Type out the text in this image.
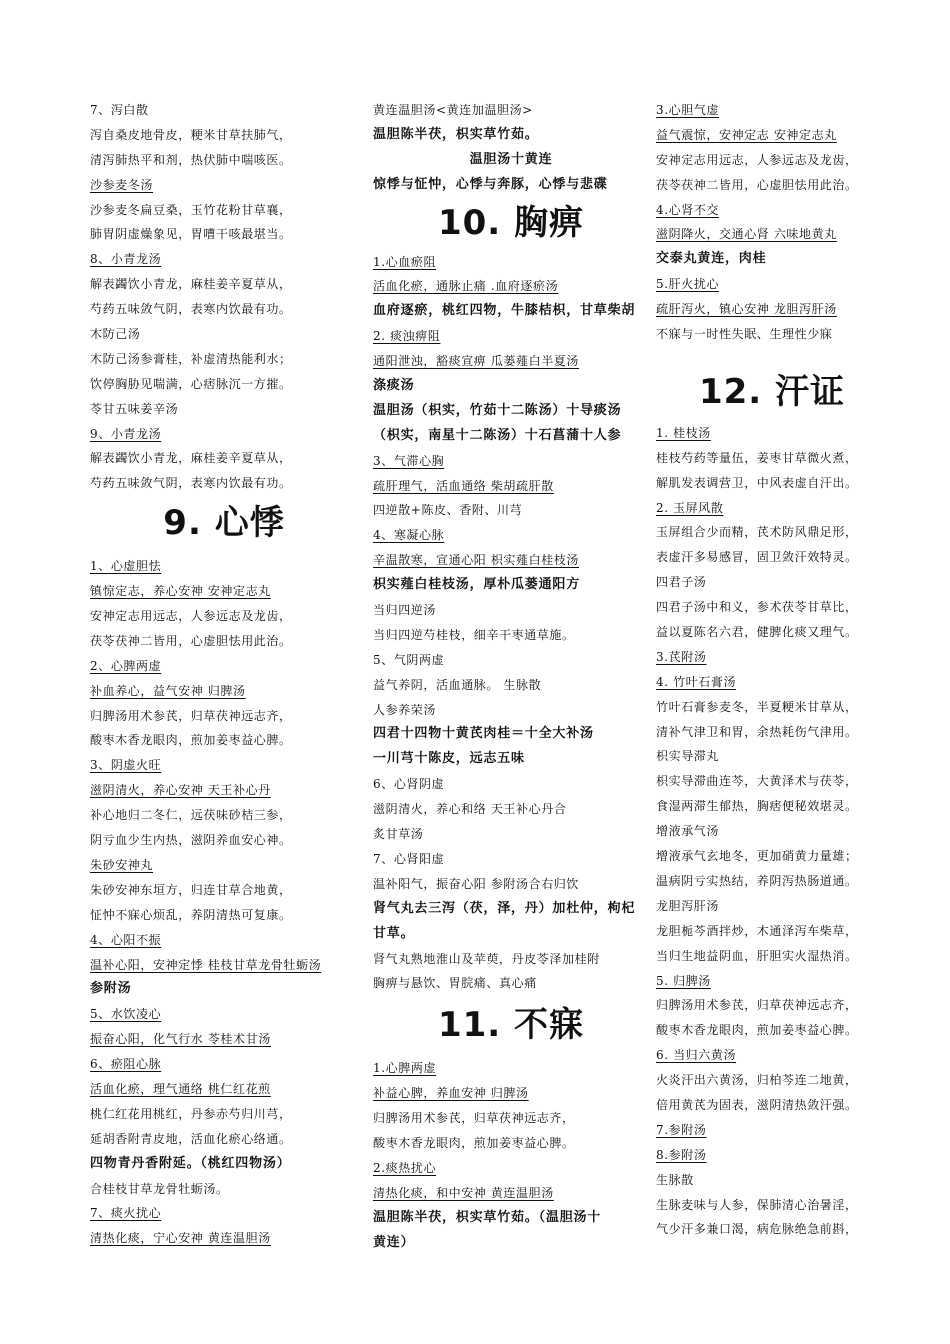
7、泻白散
泻自桑皮地骨皮，粳米甘草扶肺气，
清泻肺热平和剂，热伏肺中喘咳医。
沙参麦冬汤
沙参麦冬扁豆桑，玉竹花粉甘草襄，
肺胃阴虚燥象见，胃嘈干咳最堪当。
8、小青龙汤
解表蠲饮小青龙，麻桂姜辛夏草从，
芍药五味敛气阴，表寒内饮最有功。
木防己汤
木防己汤参膏桂，补虚清热能利水；
饮停胸胁见喘满，心痞脉沉一方摧。
苓甘五味姜辛汤
9、小青龙汤
解表蠲饮小青龙，麻桂姜辛夏草从，
芍药五味敛气阴，表寒内饮最有功。
9. 心悸
1、心虚胆怯
镇惊定志，养心安神 安神定志丸
安神定志用远志，人参远志及龙齿，
茯苓茯神二皆用，心虚胆怯用此治。
2、心脾两虚
补血养心，益气安神 归脾汤
归脾汤用术参芪，归草茯神远志齐，
酸枣木香龙眼肉，煎加姜枣益心脾。
3、阴虚火旺
滋阴清火，养心安神 天王补心丹
补心地归二冬仁，远茯味砂桔三参，
阴亏血少生内热，滋阴养血安心神。
朱砂安神丸
朱砂安神东垣方，归连甘草合地黄，
怔忡不寐心烦乱，养阴清热可复康。
4、心阳不振
温补心阳，安神定悸 桂枝甘草龙骨牡蛎汤
参附汤
5、水饮凌心
振奋心阳，化气行水 苓桂术甘汤
6、瘀阻心脉
活血化瘀，理气通络 桃仁红花煎
桃仁红花用桃红，丹参赤芍归川芎，
延胡香附青皮地，活血化瘀心络通。
四物青丹香附延。（桃红四物汤）
合桂枝甘草龙骨牡蛎汤。
7、痰火扰心
清热化痰，宁心安神 黄连温胆汤
黄连温胆汤<黄连加温胆汤>
温胆陈半茯，枳实草竹茹。
温胆汤十黄连
惊悸与怔忡，心悸与奔豚，心悸与悲碟
10. 胸痹
1.心血瘀阻
活血化瘀，通脉止痛 .血府逐瘀汤
血府逐瘀，桃红四物，牛膝桔枳，甘草柴胡
2. 痰浊痹阻
通阳泄浊，豁痰宣痹 瓜蒌薤白半夏汤
涤痰汤
温胆汤（枳实，竹茹十二陈汤）十导痰汤
（枳实，南星十二陈汤）十石菖蒲十人参
3、气滞心胸
疏肝理气，活血通络 柴胡疏肝散
四逆散+陈皮、香附、川芎
4、寒凝心脉
辛温散寒，宣通心阳 枳实薤白桂枝汤
枳实薤白桂枝汤，厚朴瓜蒌通阳方
当归四逆汤
当归四逆芍桂枝，细辛干枣通草施。
5、气阴两虚
益气养阴，活血通脉。 生脉散
人参养荣汤
四君十四物十黄芪肉桂＝十全大补汤
一川芎十陈皮，远志五味
6、心肾阴虚
滋阴清火，养心和络 天王补心丹合
炙甘草汤
7、心肾阳虚
温补阳气，振奋心阳 参附汤合右归饮
肾气丸去三泻（茯，泽，丹）加杜仲，枸杞
甘草。
肾气丸熟地淮山及苹萸，丹皮苓泽加桂附
胸痹与悬饮、胃脘痛、真心痛
11. 不寐
1.心脾两虚
补益心脾，养血安神 归脾汤
归脾汤用术参芪，归草茯神远志齐，
酸枣木香龙眼肉，煎加姜枣益心脾。
2.痰热扰心
清热化痰，和中安神 黄连温胆汤
温胆陈半茯，枳实草竹茹。（温胆汤十
黄连）
3.心胆气虚
益气震惊，安神定志 安神定志丸
安神定志用远志，人参远志及龙齿，
茯苓茯神二皆用，心虚胆怯用此治。
4.心肾不交
滋阴降火，交通心肾 六味地黄丸
交泰丸黄连，肉桂
5.肝火扰心
疏肝泻火，镇心安神 龙胆泻肝汤
不寐与一时性失眠、生理性少寐
12. 汗证
1. 桂枝汤
桂枝芍药等量伍，姜枣甘草微火煮，
解肌发表调营卫，中风表虚自汗出。
2. 玉屏风散
玉屏组合少而精，芪术防风鼎足形，
表虚汗多易感冒，固卫敛汗效特灵。
四君子汤
四君子汤中和义，参术茯苓甘草比，
益以夏陈名六君，健脾化痰又理气。
3.芪附汤
4. 竹叶石膏汤
竹叶石膏参麦冬，半夏粳米甘草从，
清补气津卫和胃，余热耗伤气津用。
枳实导滞丸
枳实导滞曲连芩，大黄泽术与茯苓，
食湿两滞生郁热，胸痞便秘效堪灵。
增液承气汤
增液承气玄地冬，更加硝黄力量雄；
温病阴亏实热结，养阴泻热肠道通。
龙胆泻肝汤
龙胆栀芩酒拌炒，木通泽泻车柴草，
当归生地益阴血，肝胆实火湿热消。
5. 归脾汤
归脾汤用术参芪，归草茯神远志齐，
酸枣木香龙眼肉，煎加姜枣益心脾。
6. 当归六黄汤
火炎汗出六黄汤，归柏芩连二地黄，
倍用黄芪为固表，滋阴清热敛汗强。
7.参附汤
8.参附汤
生脉散
生脉麦味与人参，保肺清心治暑淫，
气少汗多兼口渴，病危脉绝急前斟，
